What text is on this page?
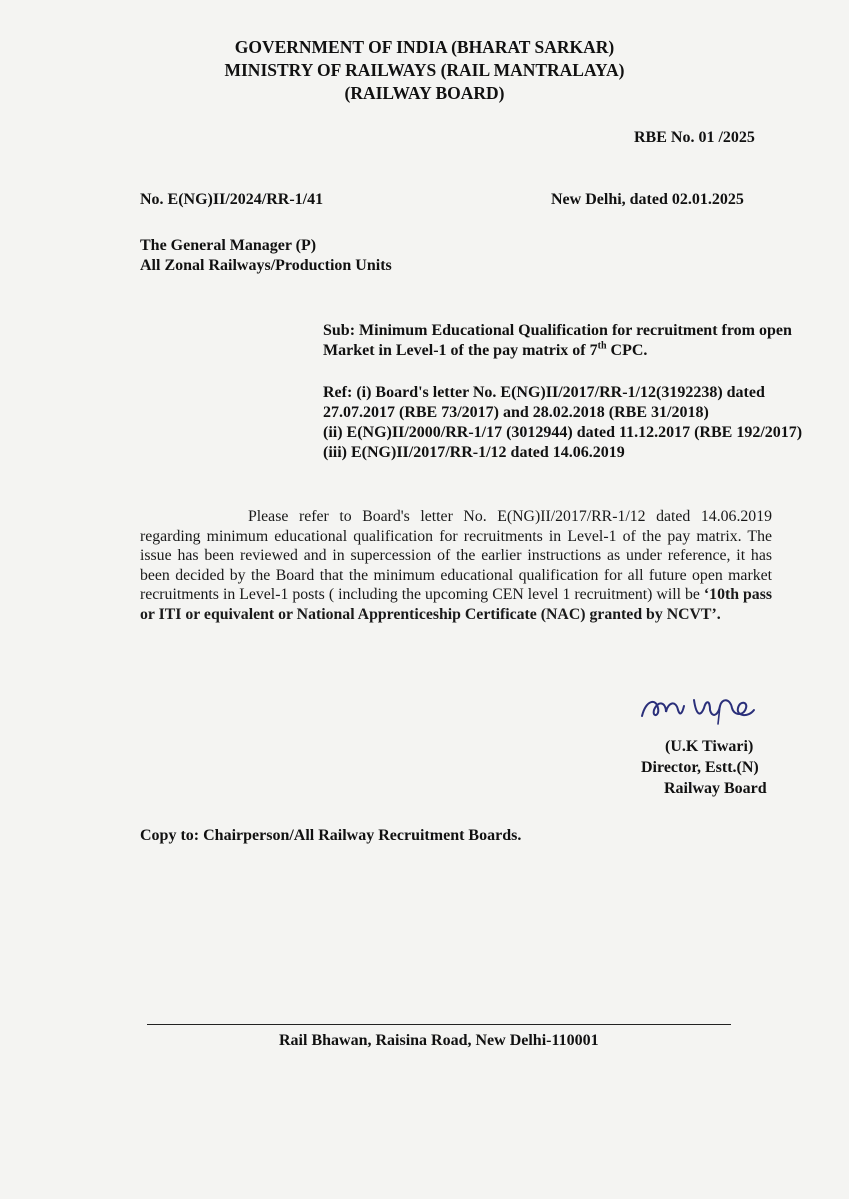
GOVERNMENT OF INDIA (BHARAT SARKAR)
MINISTRY OF RAILWAYS (RAIL MANTRALAYA)
(RAILWAY BOARD)
RBE No. 01 /2025
No. E(NG)II/2024/RR-1/41	New Delhi, dated 02.01.2025
The General Manager (P)
All Zonal Railways/Production Units
Sub: Minimum Educational Qualification for recruitment from open
Market in Level-1 of the pay matrix of 7th CPC.
Ref: (i) Board's letter No. E(NG)II/2017/RR-1/12(3192238) dated
27.07.2017 (RBE 73/2017) and 28.02.2018 (RBE 31/2018)
(ii) E(NG)II/2000/RR-1/17 (3012944) dated 11.12.2017 (RBE 192/2017)
(iii) E(NG)II/2017/RR-1/12 dated 14.06.2019
Please refer to Board's letter No. E(NG)II/2017/RR-1/12 dated 14.06.2019 regarding minimum educational qualification for recruitments in Level-1 of the pay matrix. The issue has been reviewed and in supercession of the earlier instructions as under reference, it has been decided by the Board that the minimum educational qualification for all future open market recruitments in Level-1 posts ( including the upcoming CEN level 1 recruitment) will be ‘10th pass or ITI or equivalent or National Apprenticeship Certificate (NAC) granted by NCVT’.
(U.K Tiwari)
Director, Estt.(N)
Railway Board
Copy to: Chairperson/All Railway Recruitment Boards.
Rail Bhawan, Raisina Road, New Delhi-110001
